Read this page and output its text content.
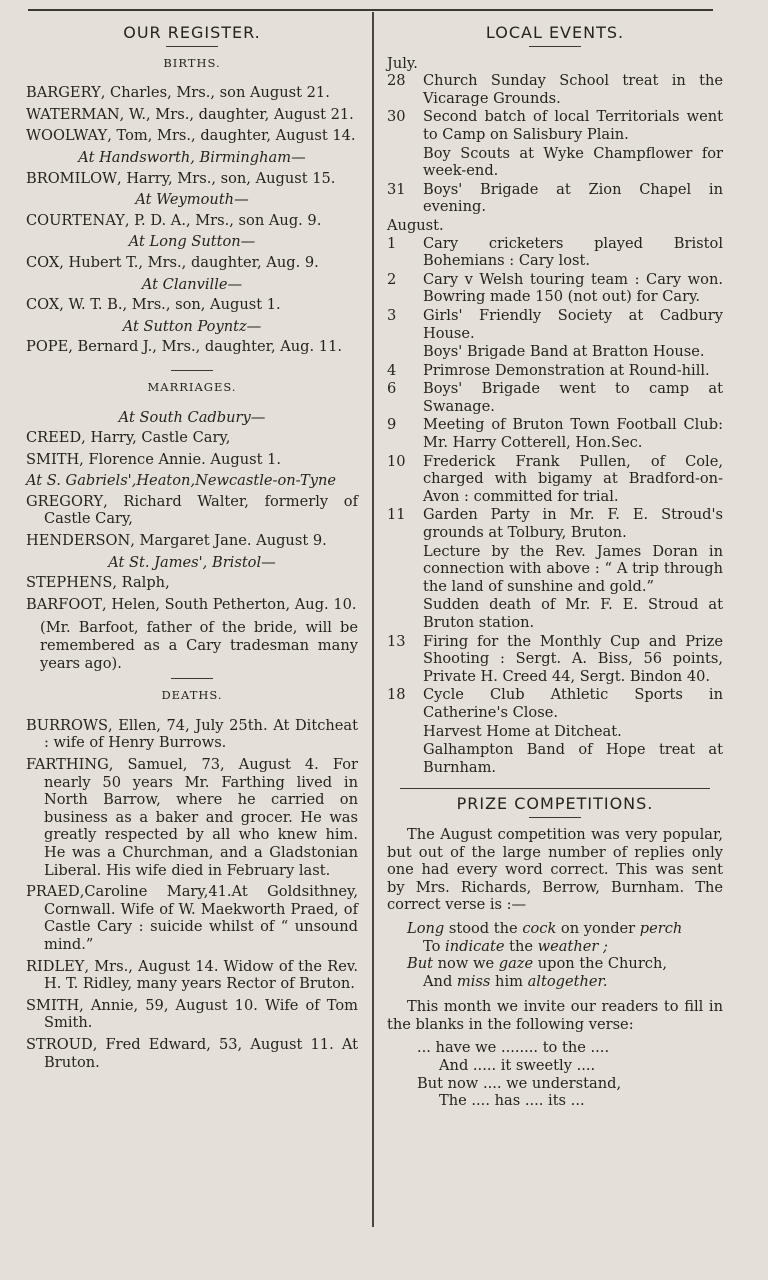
OUR REGISTER.
BIRTHS.
BARGERY, Charles, Mrs., son August 21.
WATERMAN, W., Mrs., daughter, August 21.
WOOLWAY, Tom, Mrs., daughter, August 14.
At Handsworth, Birmingham—
BROMILOW, Harry, Mrs., son, August 15.
At Weymouth—
COURTENAY, P. D. A., Mrs., son Aug. 9.
At Long Sutton—
COX, Hubert T., Mrs., daughter, Aug. 9.
At Clanville—
COX, W. T. B., Mrs., son, August 1.
At Sutton Poyntz—
POPE, Bernard J., Mrs., daughter, Aug. 11.
MARRIAGES.
At South Cadbury—
CREED, Harry, Castle Cary,
SMITH, Florence Annie. August 1.
At S. Gabriels',Heaton,Newcastle-on-Tyne
GREGORY, Richard Walter, formerly of Castle Cary,
HENDERSON, Margaret Jane. August 9.
At St. James', Bristol—
STEPHENS, Ralph,
BARFOOT, Helen, South Petherton, Aug. 10.
(Mr. Barfoot, father of the bride, will be remembered as a Cary tradesman many years ago).
DEATHS.
BURROWS, Ellen, 74, July 25th. At Ditcheat : wife of Henry Burrows.
FARTHING, Samuel, 73, August 4. For nearly 50 years Mr. Farthing lived in North Barrow, where he carried on business as a baker and grocer. He was greatly respected by all who knew him. He was a Churchman, and a Gladstonian Liberal. His wife died in February last.
PRAED,Caroline Mary,41.At Goldsithney, Cornwall. Wife of W. Maekworth Praed, of Castle Cary : suicide whilst of “ unsound mind.”
RIDLEY, Mrs., August 14. Widow of the Rev. H. T. Ridley, many years Rector of Bruton.
SMITH, Annie, 59, August 10. Wife of Tom Smith.
STROUD, Fred Edward, 53, August 11. At Bruton.
LOCAL EVENTS.
July.
28	Church Sunday School treat in the Vicarage Grounds.
30	Second batch of local Territorials went to Camp on Salisbury Plain.
Boy Scouts at Wyke Champflower for week-end.
31	Boys' Brigade at Zion Chapel in evening.
August.
1	Cary cricketers played Bristol Bohemians : Cary lost.
2	Cary v Welsh touring team : Cary won. Bowring made 150 (not out) for Cary.
3	Girls' Friendly Society at Cadbury House.
Boys' Brigade Band at Bratton House.
4	Primrose Demonstration at Round-hill.
6	Boys' Brigade went to camp at Swanage.
9	Meeting of Bruton Town Football Club: Mr. Harry Cotterell, Hon.Sec.
10	Frederick Frank Pullen, of Cole, charged with bigamy at Bradford-on-Avon : committed for trial.
11	Garden Party in Mr. F. E. Stroud's grounds at Tolbury, Bruton.
Lecture by the Rev. James Doran in connection with above : “ A trip through the land of sunshine and gold.”
Sudden death of Mr. F. E. Stroud at Bruton station.
13	Firing for the Monthly Cup and Prize Shooting : Sergt. A. Biss, 56 points, Private H. Creed 44, Sergt. Bindon 40.
18	Cycle Club Athletic Sports in Catherine's Close.
Harvest Home at Ditcheat.
Galhampton Band of Hope treat at Burnham.
PRIZE COMPETITIONS.
The August competition was very popular, but out of the large number of replies only one had every word correct. This was sent by Mrs. Richards, Berrow, Burnham. The correct verse is :—
Long stood the cock on yonder perch
To indicate the weather ;
But now we gaze upon the Church,
And miss him altogether.
This month we invite our readers to fill in the blanks in the following verse:
... have we ........ to the ....
And ..... it sweetly ....
But now .... we understand,
The .... has .... its ...
